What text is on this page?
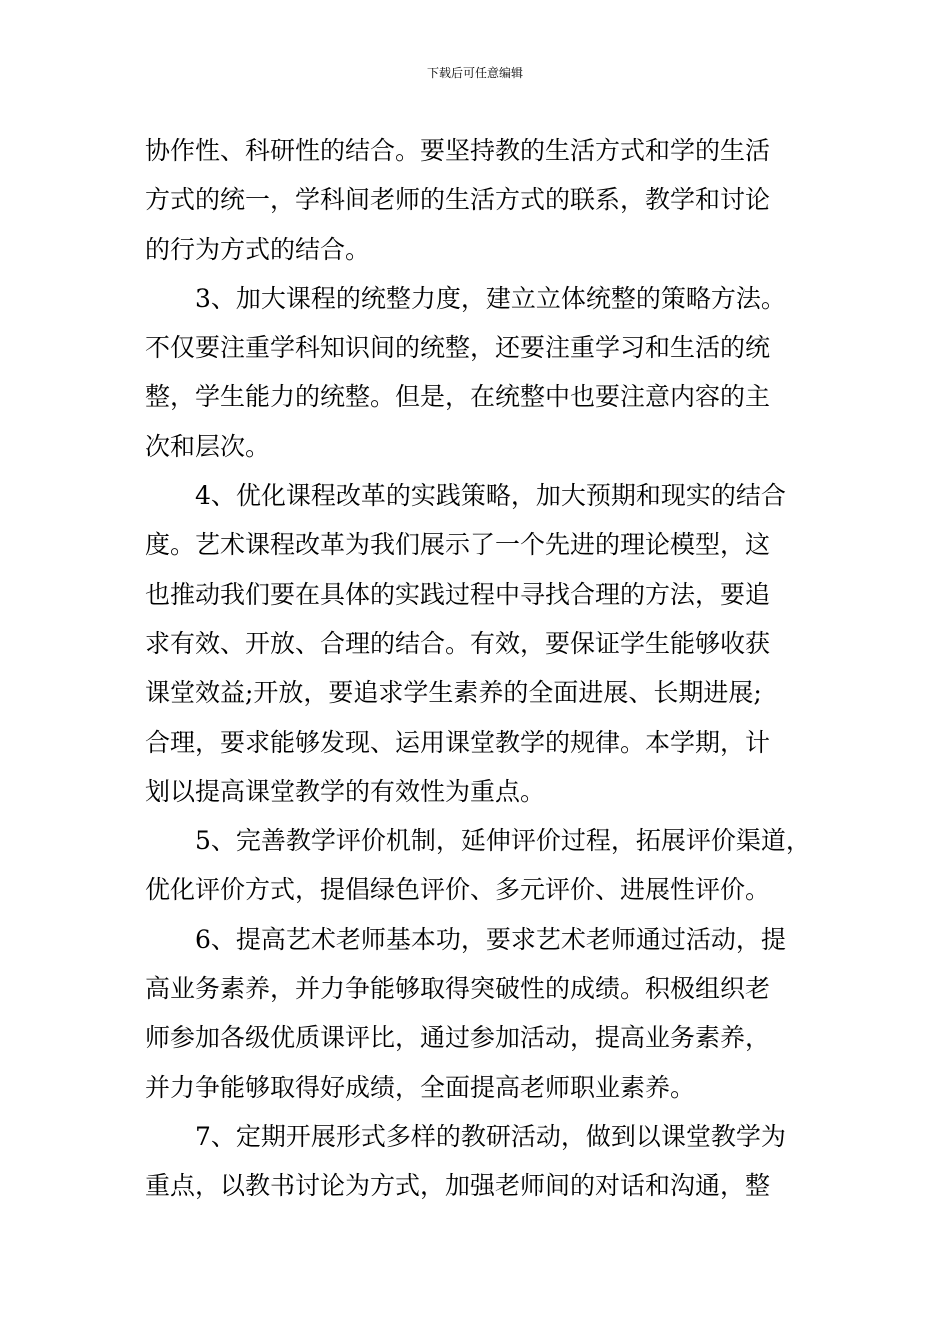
下载后可任意编辑
协作性、科研性的结合。要坚持教的生活方式和学的生活
方式的统一，学科间老师的生活方式的联系，教学和讨论
的行为方式的结合。
3、加大课程的统整力度，建立立体统整的策略方法。
不仅要注重学科知识间的统整，还要注重学习和生活的统
整，学生能力的统整。但是，在统整中也要注意内容的主
次和层次。
4、优化课程改革的实践策略，加大预期和现实的结合
度。艺术课程改革为我们展示了一个先进的理论模型，这
也推动我们要在具体的实践过程中寻找合理的方法，要追
求有效、开放、合理的结合。有效，要保证学生能够收获
课堂效益;开放，要追求学生素养的全面进展、长期进展;
合理，要求能够发现、运用课堂教学的规律。本学期，计
划以提高课堂教学的有效性为重点。
5、完善教学评价机制，延伸评价过程，拓展评价渠道，
优化评价方式，提倡绿色评价、多元评价、进展性评价。
6、提高艺术老师基本功，要求艺术老师通过活动，提
高业务素养，并力争能够取得突破性的成绩。积极组织老
师参加各级优质课评比，通过参加活动，提高业务素养，
并力争能够取得好成绩，全面提高老师职业素养。
7、定期开展形式多样的教研活动，做到以课堂教学为
重点，以教书讨论为方式，加强老师间的对话和沟通，整
